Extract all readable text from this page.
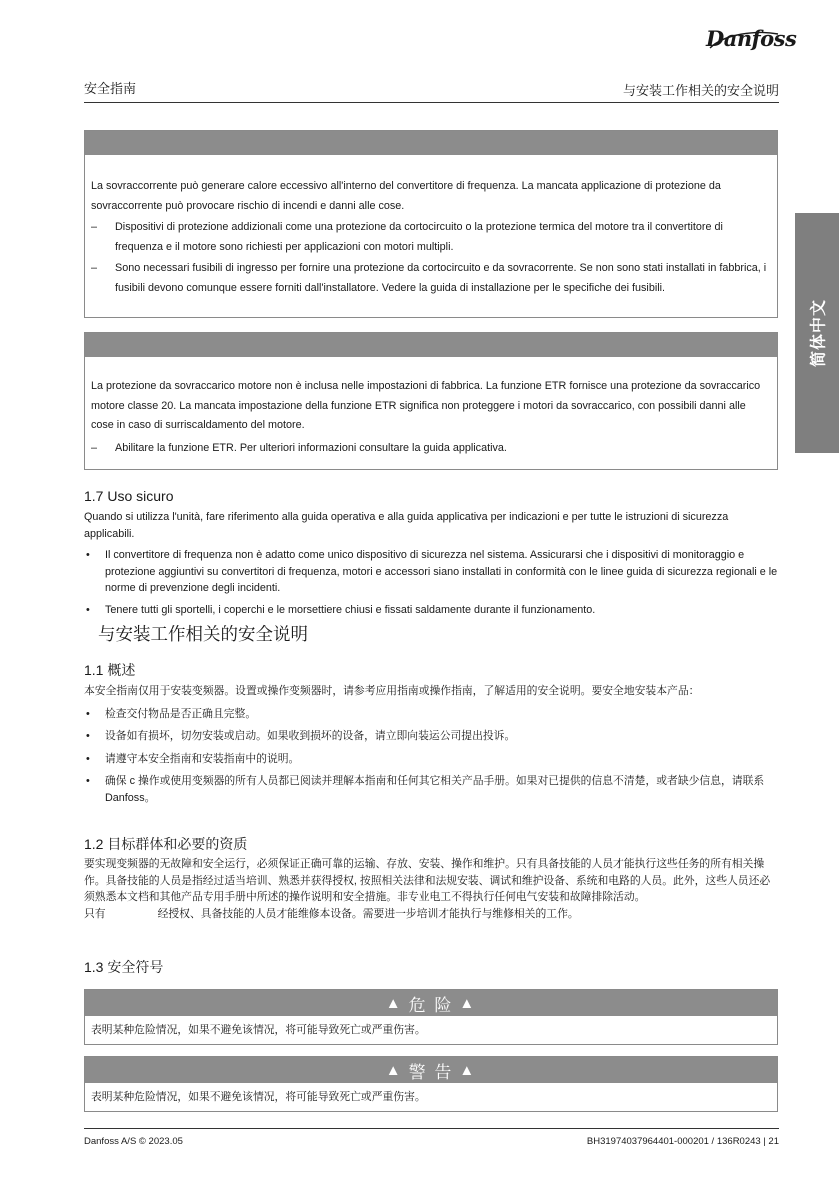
Danfoss
安全指南	与安装工作相关的安全说明
简体中文

La sovraccorrente può generare calore eccessivo all'interno del convertitore di frequenza. La mancata applicazione di protezione da sovraccorrente può provocare rischio di incendi e danni alle cose.

– Dispositivi di protezione addizionali come una protezione da cortocircuito o la protezione termica del motore tra il convertitore di frequenza e il motore sono richiesti per applicazioni con motori multipli.

– Sono necessari fusibili di ingresso per fornire una protezione da cortocircuito e da sovracorrente. Se non sono stati installati in fabbrica, i fusibili devono comunque essere forniti dall'installatore. Vedere la guida di installazione per le specifiche dei fusibili.

La protezione da sovraccarico motore non è inclusa nelle impostazioni di fabbrica. La funzione ETR fornisce una protezione da sovraccarico motore classe 20. La mancata impostazione della funzione ETR significa non proteggere i motori da sovraccarico, con possibili danni alle cose in caso di surriscaldamento del motore.

– Abilitare la funzione ETR. Per ulteriori informazioni consultare la guida applicativa.

1.7 Uso sicuro

Quando si utilizza l'unità, fare riferimento alla guida operativa e alla guida applicativa per indicazioni e per tutte le istruzioni di sicurezza applicabili.

• Il convertitore di frequenza non è adatto come unico dispositivo di sicurezza nel sistema. Assicurarsi che i dispositivi di monitoraggio e protezione aggiuntivi su convertitori di frequenza, motori e accessori siano installati in conformità con le linee guida di sicurezza regionali e le norme di prevenzione degli incidenti.

• Tenere tutti gli sportelli, i coperchi e le morsettiere chiusi e fissati saldamente durante il funzionamento.

与安装工作相关的安全说明
1.1 概述

本安全指南仅用于安装变频器。设置或操作变频器时，请参考应用指南或操作指南，了解适用的安全说明。要安全地安装本产品：

• 检查交付物品是否正确且完整。

• 设备如有损坏，切勿安装或启动。如果收到损坏的设备，请立即向装运公司提出投诉。

• 请遵守本安全指南和安装指南中的说明。

• 确保 c 操作或使用变频器的所有人员都已阅读并理解本指南和任何其它相关产品手册。如果对已提供的信息不清楚，或者缺少信息，请联系 Danfoss。

1.2 目标群体和必要的资质

要实现变频器的无故障和安全运行，必须保证正确可靠的运输、存放、安装、操作和维护。只有具备技能的人员才能执行这些任务的所有相关操作。具备技能的人员是指经过适当培训、熟悉并获得授权, 按照相关法律和法规安装、调试和维护设备、系统和电路的人员。此外，这些人员还必须熟悉本文档和其他产品专用手册中所述的操作说明和安全措施。非专业电工不得执行任何电气安装和故障排除活动。

只有	经授权、具备技能的人员才能维修本设备。需要进一步培训才能执行与维修相关的工作。

1.3 安全符号
▲ 危 险 ▲
表明某种危险情况，如果不避免该情况，将可能导致死亡或严重伤害。
▲ 警 告 ▲
表明某种危险情况，如果不避免该情况，将可能导致死亡或严重伤害。
Danfoss A/S © 2023.05	BH31974037964401-000201 / 136R0243 | 21
